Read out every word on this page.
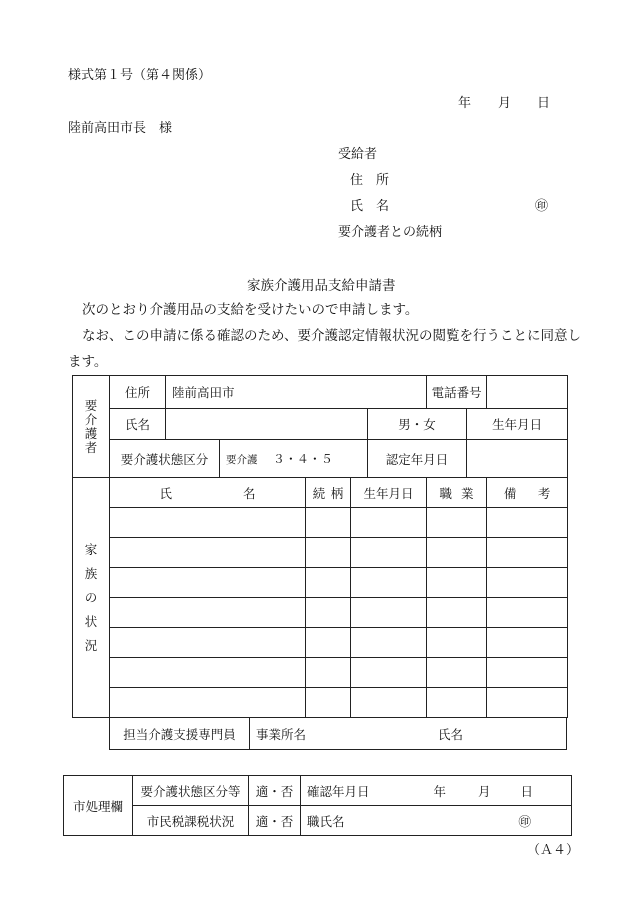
様式第１号（第４関係）
年 月 日
陸前高田市長　様
受給者
住　所
氏　名	㊞
要介護者との続柄
家族介護用品支給申請書
次のとおり介護用品の支給を受けたいので申請します。
なお、この申請に係る確認のため、要介護認定情報状況の閲覧を行うことに同意し
ます。
要
介
護
者	住所	陸前高田市					電話番号			
	氏名					男・女		生年月日		
	要介護状態区分		要介護 ３・４・５			認定年月日				

家
族
の
状
況	氏 名			続 柄	生年月日		職 業		備 考	

担当介護支援専門員	事業所名	氏名
市処理欄	要介護状態区分等	適・否	確認年月日 年 月 日
	市民税課税状況	適・否	職氏名 ㊞
（Ａ４）
